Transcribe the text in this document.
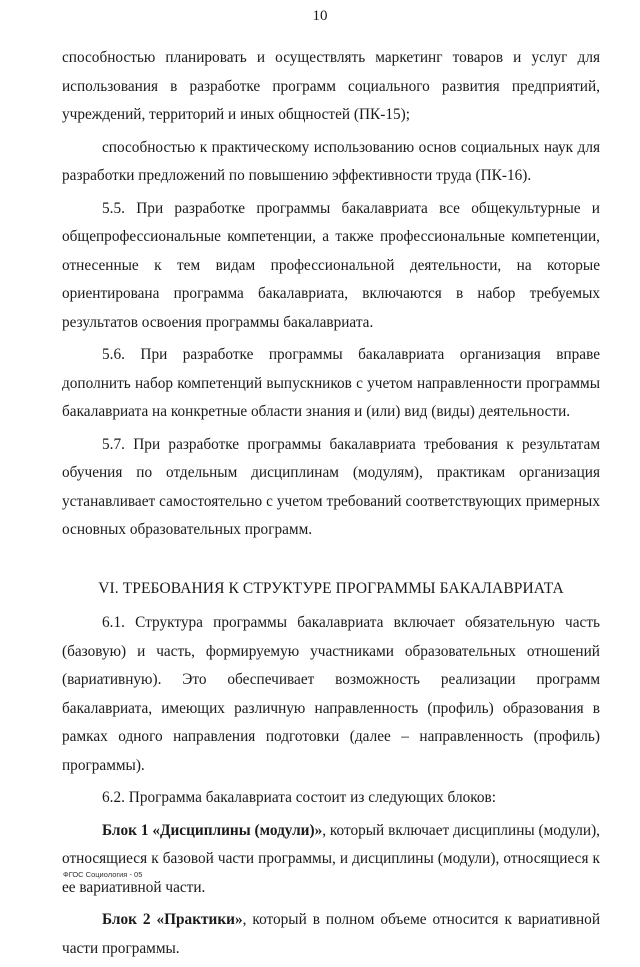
10

способностью планировать и осуществлять маркетинг товаров и услуг для использования в разработке программ социального развития предприятий, учреждений, территорий и иных общностей (ПК-15);

способностью к практическому использованию основ социальных наук для разработки предложений по повышению эффективности труда (ПК-16).

5.5. При разработке программы бакалавриата все общекультурные и общепрофессиональные компетенции, а также профессиональные компетенции, отнесенные к тем видам профессиональной деятельности, на которые ориентирована программа бакалавриата, включаются в набор требуемых результатов освоения программы бакалавриата.

5.6. При разработке программы бакалавриата организация вправе дополнить набор компетенций выпускников с учетом направленности программы бакалавриата на конкретные области знания и (или) вид (виды) деятельности.

5.7. При разработке программы бакалавриата требования к результатам обучения по отдельным дисциплинам (модулям), практикам организация устанавливает самостоятельно с учетом требований соответствующих примерных основных образовательных программ.

VI. ТРЕБОВАНИЯ К СТРУКТУРЕ ПРОГРАММЫ БАКАЛАВРИАТА

6.1. Структура программы бакалавриата включает обязательную часть (базовую) и часть, формируемую участниками образовательных отношений (вариативную). Это обеспечивает возможность реализации программ бакалавриата, имеющих различную направленность (профиль) образования в рамках одного направления подготовки (далее – направленность (профиль) программы).

6.2. Программа бакалавриата состоит из следующих блоков:

Блок 1 «Дисциплины (модули)», который включает дисциплины (модули), относящиеся к базовой части программы, и дисциплины (модули), относящиеся к ее вариативной части.

Блок 2 «Практики», который в полном объеме относится к вариативной части программы.

ФГОС Социология - 05
